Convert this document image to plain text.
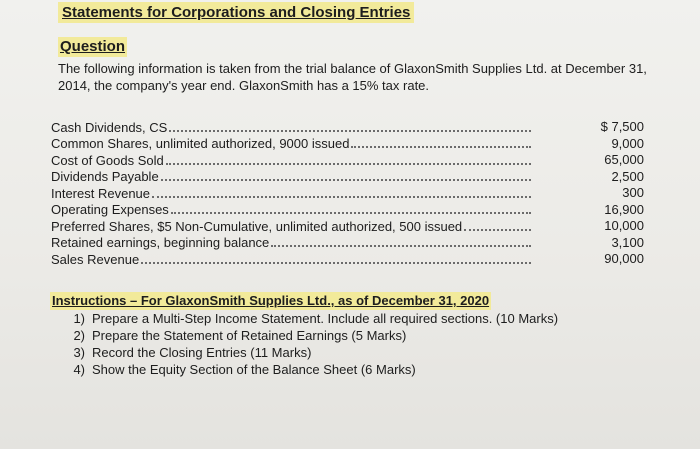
Statements for Corporations and Closing Entries
Question
The following information is taken from the trial balance of GlaxonSmith Supplies Ltd. at December 31, 2014, the company's year end. GlaxonSmith has a 15% tax rate.
Cash Dividends, CS
Common Shares, unlimited authorized, 9000 issued
Cost of Goods Sold
Dividends Payable
Interest Revenue
Operating Expenses
Preferred Shares, $5 Non-Cumulative, unlimited authorized, 500 issued
Retained earnings, beginning balance
Sales Revenue
$ 7,500
9,000
65,000
2,500
300
16,900
10,000
3,100
90,000
Instructions – For GlaxonSmith Supplies Ltd., as of December 31, 2020
1) Prepare a Multi-Step Income Statement. Include all required sections. (10 Marks)
2) Prepare the Statement of Retained Earnings (5 Marks)
3) Record the Closing Entries (11 Marks)
4) Show the Equity Section of the Balance Sheet (6 Marks)
